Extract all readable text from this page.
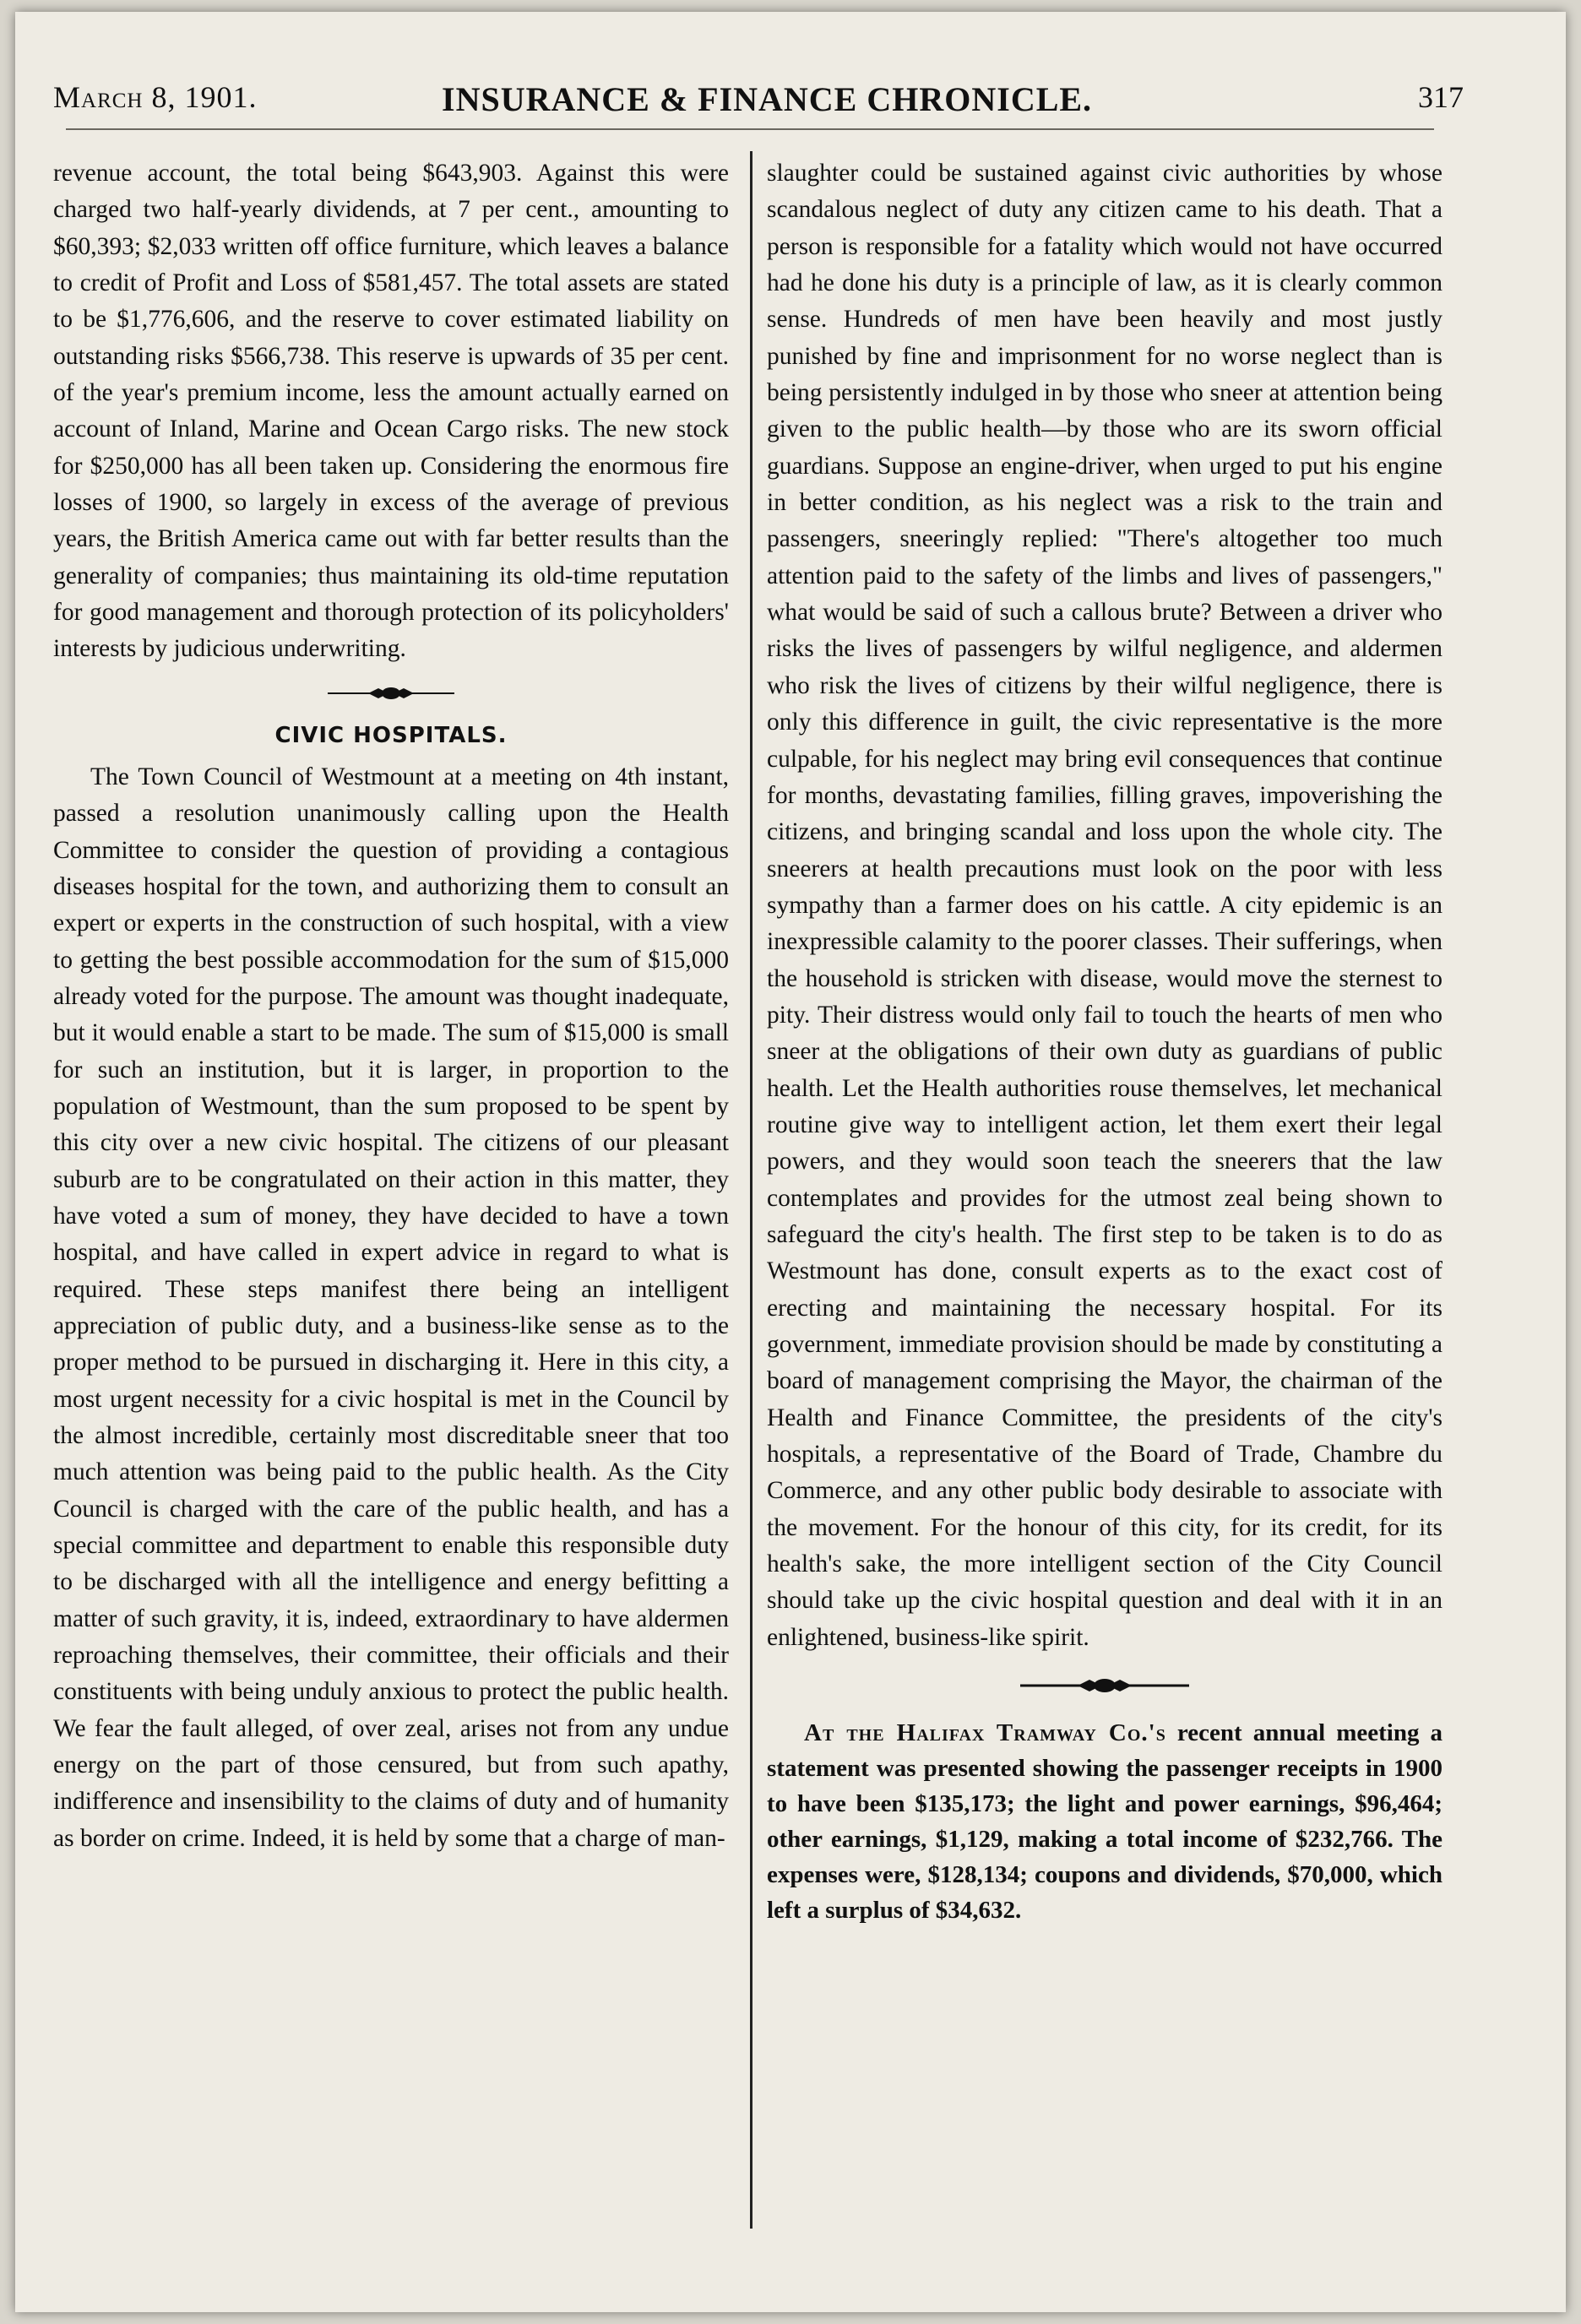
March 8, 1901.	INSURANCE & FINANCE CHRONICLE.	317

revenue account, the total being $643,903. Against this were charged two half-yearly dividends, at 7 per cent., amounting to $60,393; $2,033 written off office furniture, which leaves a balance to credit of Profit and Loss of $581,457. The total assets are stated to be $1,776,606, and the reserve to cover estimated liability on outstanding risks $566,738. This reserve is upwards of 35 per cent. of the year's premium income, less the amount actually earned on account of Inland, Marine and Ocean Cargo risks. The new stock for $250,000 has all been taken up. Considering the enormous fire losses of 1900, so largely in excess of the average of previous years, the British America came out with far better results than the generality of companies; thus maintaining its old-time reputation for good management and thorough protection of its policyholders' interests by judicious underwriting.

CIVIC HOSPITALS.

The Town Council of Westmount at a meeting on 4th instant, passed a resolution unanimously calling upon the Health Committee to consider the question of providing a contagious diseases hospital for the town, and authorizing them to consult an expert or experts in the construction of such hospital, with a view to getting the best possible accommodation for the sum of $15,000 already voted for the purpose. The amount was thought inadequate, but it would enable a start to be made. The sum of $15,000 is small for such an institution, but it is larger, in proportion to the population of Westmount, than the sum proposed to be spent by this city over a new civic hospital. The citizens of our pleasant suburb are to be congratulated on their action in this matter, they have voted a sum of money, they have decided to have a town hospital, and have called in expert advice in regard to what is required. These steps manifest there being an intelligent appreciation of public duty, and a business-like sense as to the proper method to be pursued in discharging it. Here in this city, a most urgent necessity for a civic hospital is met in the Council by the almost incredible, certainly most discreditable sneer that too much attention was being paid to the public health. As the City Council is charged with the care of the public health, and has a special committee and department to enable this responsible duty to be discharged with all the intelligence and energy befitting a matter of such gravity, it is, indeed, extraordinary to have aldermen reproaching themselves, their committee, their officials and their constituents with being unduly anxious to protect the public health. We fear the fault alleged, of over zeal, arises not from any undue energy on the part of those censured, but from such apathy, indifference and insensibility to the claims of duty and of humanity as border on crime. Indeed, it is held by some that a charge of man-

slaughter could be sustained against civic authorities by whose scandalous neglect of duty any citizen came to his death. That a person is responsible for a fatality which would not have occurred had he done his duty is a principle of law, as it is clearly common sense. Hundreds of men have been heavily and most justly punished by fine and imprisonment for no worse neglect than is being persistently indulged in by those who sneer at attention being given to the public health—by those who are its sworn official guardians. Suppose an engine-driver, when urged to put his engine in better condition, as his neglect was a risk to the train and passengers, sneeringly replied: "There's altogether too much attention paid to the safety of the limbs and lives of passengers," what would be said of such a callous brute? Between a driver who risks the lives of passengers by wilful negligence, and aldermen who risk the lives of citizens by their wilful negligence, there is only this difference in guilt, the civic representative is the more culpable, for his neglect may bring evil consequences that continue for months, devastating families, filling graves, impoverishing the citizens, and bringing scandal and loss upon the whole city. The sneerers at health precautions must look on the poor with less sympathy than a farmer does on his cattle. A city epidemic is an inexpressible calamity to the poorer classes. Their sufferings, when the household is stricken with disease, would move the sternest to pity. Their distress would only fail to touch the hearts of men who sneer at the obligations of their own duty as guardians of public health. Let the Health authorities rouse themselves, let mechanical routine give way to intelligent action, let them exert their legal powers, and they would soon teach the sneerers that the law contemplates and provides for the utmost zeal being shown to safeguard the city's health. The first step to be taken is to do as Westmount has done, consult experts as to the exact cost of erecting and maintaining the necessary hospital. For its government, immediate provision should be made by constituting a board of management comprising the Mayor, the chairman of the Health and Finance Committee, the presidents of the city's hospitals, a representative of the Board of Trade, Chambre du Commerce, and any other public body desirable to associate with the movement. For the honour of this city, for its credit, for its health's sake, the more intelligent section of the City Council should take up the civic hospital question and deal with it in an enlightened, business-like spirit.

At the Halifax Tramway Co.'s recent annual meeting a statement was presented showing the passenger receipts in 1900 to have been $135,173; the light and power earnings, $96,464; other earnings, $1,129, making a total income of $232,766. The expenses were, $128,134; coupons and dividends, $70,000, which left a surplus of $34,632.
